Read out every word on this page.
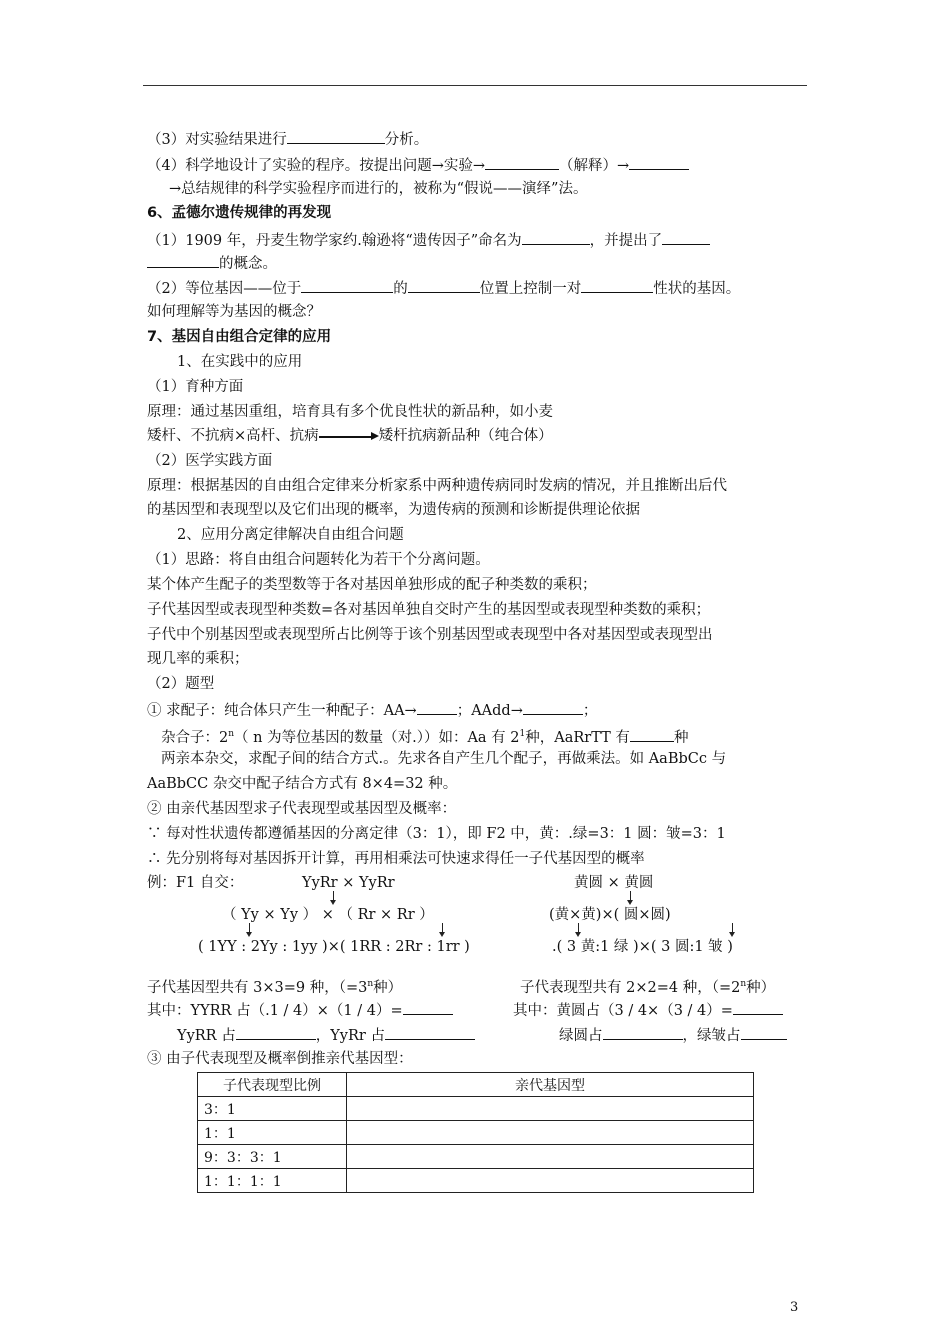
（3）对实验结果进行	分析。
（4）科学地设计了实验的程序。按提出问题→实验→	（解释）→
→总结规律的科学实验程序而进行的，被称为“假说——演绎”法。
6、孟德尔遗传规律的再发现
（1）1909 年，丹麦生物学家约.翰逊将“遗传因子”命名为	，并提出了
的概念。
（2）等位基因——位于	的	位置上控制一对	性状的基因。
如何理解等为基因的概念？
7、基因自由组合定律的应用
1、在实践中的应用
（1）育种方面
原理：通过基因重组，培育具有多个优良性状的新品种，如小麦
矮杆、不抗病×高杆、抗病	矮杆抗病新品种（纯合体）
（2）医学实践方面
原理：根据基因的自由组合定律来分析家系中两种遗传病同时发病的情况，并且推断出后代
的基因型和表现型以及它们出现的概率，为遗传病的预测和诊断提供理论依据
2、应用分离定律解决自由组合问题
（1）思路：将自由组合问题转化为若干个分离问题。
某个体产生配子的类型数等于各对基因单独形成的配子种类数的乘积；
子代基因型或表现型种类数=各对基因单独自交时产生的基因型或表现型种类数的乘积；
子代中个别基因型或表现型所占比例等于该个别基因型或表现型中各对基因型或表现型出
现几率的乘积；
（2）题型
① 求配子：纯合体只产生一种配子：AA→	；AAdd→	；
杂合子：2$^n$（ n 为等位基因的数量（对.））如：Aa 有 $2^1$种，AaRrTT 有	种
两亲本杂交，求配子间的结合方式.。先求各自产生几个配子，再做乘法。如 AaBbCc 与
AaBbCC 杂交中配子结合方式有 8×4=32 种。
② 由亲代基因型求子代表现型或基因型及概率：
∵ 每对性状遗传都遵循基因的分离定律（3：1），即 F2 中，黄：.绿=3：1 圆：皱=3：1
∴ 先分别将每对基因拆开计算，再用相乘法可快速求得任一子代基因型的概率
例：F1 自交：	YyRr × YyRr	黄圆 × 黄圆
（ Yy × Yy ） × （ Rr × Rr ）	(黄×黄)×( 圆×圆)
( 1YY : 2Yy : 1yy )×( 1RR : 2Rr : 1rr )	.( 3 黄:1 绿 )×( 3 圆:1 皱 )
子代基因型共有 3×3=9 种，（$=3^n$种）	子代表现型共有 2×2=4 种，（$=2^n$种）
其中：YYRR 占（.1 / 4）×（1 / 4）=	其中：黄圆占（3 / 4×（3 / 4）=
YyRR 占	，YyRr 占	绿圆占	，绿皱占
③ 由子代表现型及概率倒推亲代基因型：
子代表现型比例	亲代基因型
3：1	
1：1	
9：3：3：1	
1：1：1：1	
3
